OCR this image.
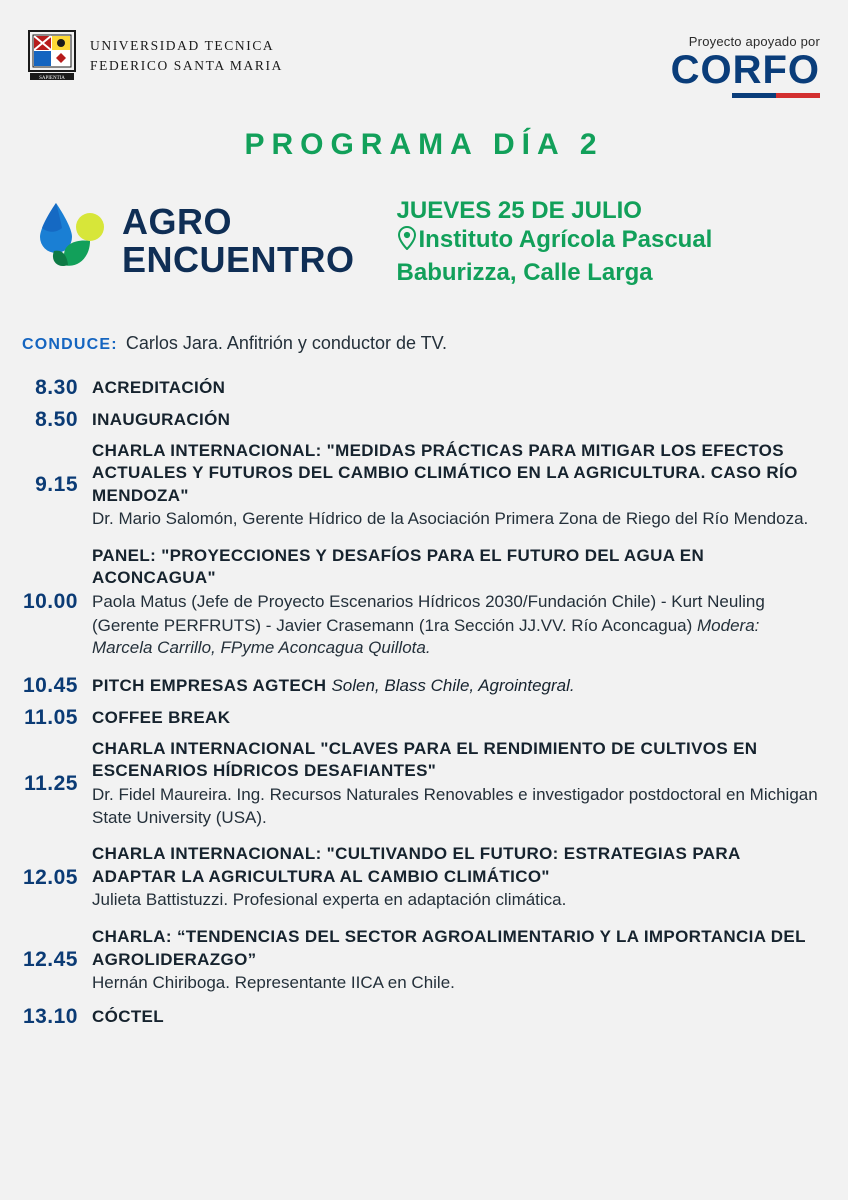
SAPIENTIA
UNIVERSIDAD TECNICA
FEDERICO SANTA MARIA
Proyecto apoyado por
CORFO
PROGRAMA DÍA 2
AGRO
ENCUENTRO
JUEVES 25 DE JULIO
Instituto Agrícola Pascual
Baburizza, Calle Larga
CONDUCE: Carlos Jara. Anfitrión y conductor de TV.
8.30 ACREDITACIÓN
8.50 INAUGURACIÓN
9.15
CHARLA INTERNACIONAL: "MEDIDAS PRÁCTICAS PARA MITIGAR LOS EFECTOS ACTUALES Y FUTUROS DEL CAMBIO CLIMÁTICO EN LA AGRICULTURA. CASO RÍO MENDOZA"
Dr. Mario Salomón, Gerente Hídrico de la Asociación Primera Zona de Riego del Río Mendoza.
10.00
PANEL: "PROYECCIONES Y DESAFÍOS PARA EL FUTURO DEL AGUA EN ACONCAGUA"
Paola Matus (Jefe de Proyecto Escenarios Hídricos 2030/Fundación Chile) - Kurt Neuling
(Gerente PERFRUTS) - Javier Crasemann (1ra Sección JJ.VV. Río Aconcagua) Modera: Marcela Carrillo, FPyme Aconcagua Quillota.
10.45 PITCH EMPRESAS AGTECH Solen, Blass Chile, Agrointegral.
11.05 COFFEE BREAK
11.25
CHARLA INTERNACIONAL "CLAVES PARA EL RENDIMIENTO DE CULTIVOS EN ESCENARIOS HÍDRICOS DESAFIANTES"
Dr. Fidel Maureira. Ing. Recursos Naturales Renovables e investigador postdoctoral en Michigan State University (USA).
12.05
CHARLA INTERNACIONAL: "CULTIVANDO EL FUTURO: ESTRATEGIAS PARA ADAPTAR LA AGRICULTURA AL CAMBIO CLIMÁTICO"
Julieta Battistuzzi. Profesional experta en adaptación climática.
12.45
CHARLA: “TENDENCIAS DEL SECTOR AGROALIMENTARIO Y LA IMPORTANCIA DEL AGROLIDERAZGO”
Hernán Chiriboga. Representante IICA en Chile.
13.10 CÓCTEL
